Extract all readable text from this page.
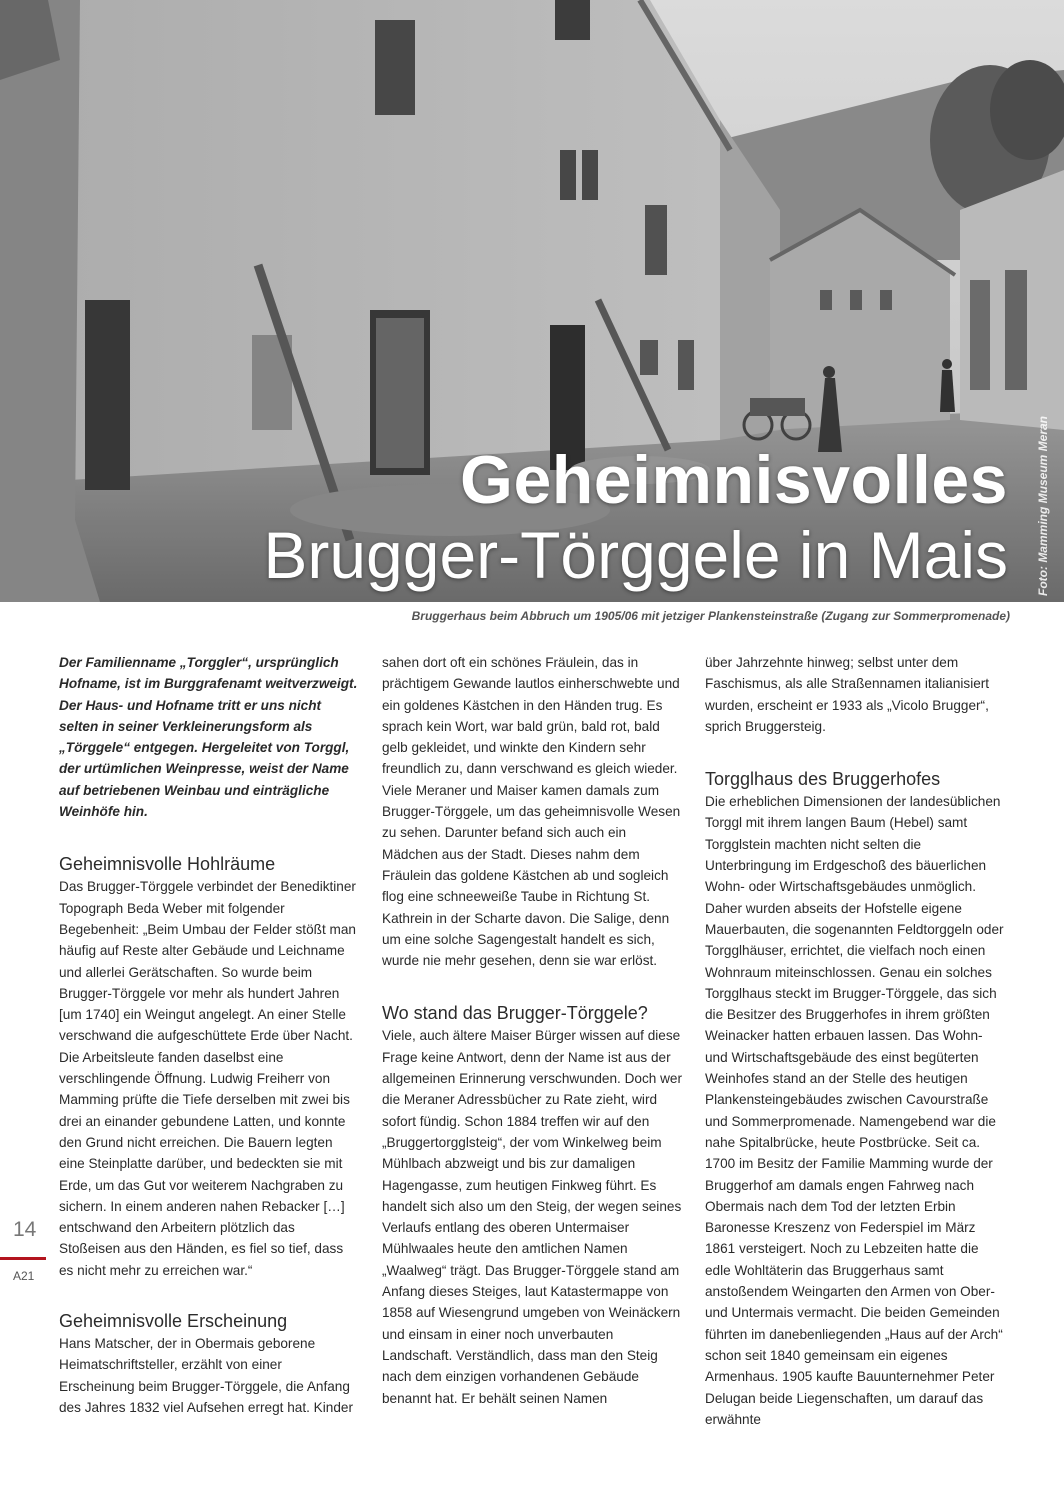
Geheimnisvolles
Brugger-Törggele in Mais Foto: Mamming Museum Meran
Bruggerhaus beim Abbruch um 1905/06 mit jetziger Plankensteinstraße (Zugang zur Sommerpromenade)

Der Familienname „Torggler“, ursprünglich Hofname, ist im Burggrafenamt weitverzweigt. Der Haus- und Hofname tritt er uns nicht selten in seiner Verkleinerungsform als „Törggele“ entgegen. Hergeleitet von Torggl, der urtümlichen Weinpresse, weist der Name auf betriebenen Weinbau und einträgliche Weinhöfe hin.

Geheimnisvolle Hohlräume

Das Brugger-Törggele verbindet der Benediktiner Topograph Beda Weber mit folgender Begebenheit: „Beim Umbau der Felder stößt man häufig auf Reste alter Gebäude und Leichname und allerlei Gerätschaften. So wurde beim Brugger-Törggele vor mehr als hundert Jahren [um 1740] ein Weingut angelegt. An einer Stelle verschwand die aufgeschüttete Erde über Nacht. Die Arbeitsleute fanden daselbst eine verschlingende Öffnung. Ludwig Freiherr von Mamming prüfte die Tiefe derselben mit zwei bis drei an einander gebundene Latten, und konnte den Grund nicht erreichen. Die Bauern legten eine Steinplatte darüber, und bedeckten sie mit Erde, um das Gut vor weiterem Nachgraben zu sichern. In einem anderen nahen Rebacker […] entschwand den Arbeitern plötzlich das Stoßeisen aus den Händen, es fiel so tief, dass es nicht mehr zu erreichen war.“

Geheimnisvolle Erscheinung

Hans Matscher, der in Obermais geborene Heimatschriftsteller, erzählt von einer Erscheinung beim Brugger-Törggele, die Anfang des Jahres 1832 viel Aufsehen erregt hat. Kinder

sahen dort oft ein schönes Fräulein, das in prächtigem Gewande lautlos einherschwebte und ein goldenes Kästchen in den Händen trug. Es sprach kein Wort, war bald grün, bald rot, bald gelb gekleidet, und winkte den Kindern sehr freundlich zu, dann verschwand es gleich wieder. Viele Meraner und Maiser kamen damals zum Brugger-Törggele, um das geheimnisvolle Wesen zu sehen. Darunter befand sich auch ein Mädchen aus der Stadt. Dieses nahm dem Fräulein das goldene Kästchen ab und sogleich flog eine schneeweiße Taube in Richtung St. Kathrein in der Scharte davon. Die Salige, denn um eine solche Sagengestalt handelt es sich, wurde nie mehr gesehen, denn sie war erlöst.

Wo stand das Brugger-Törggele?

Viele, auch ältere Maiser Bürger wissen auf diese Frage keine Antwort, denn der Name ist aus der allgemeinen Erinnerung verschwunden. Doch wer die Meraner Adressbücher zu Rate zieht, wird sofort fündig. Schon 1884 treffen wir auf den „Bruggertorgglsteig“, der vom Winkelweg beim Mühlbach abzweigt und bis zur damaligen Hagengasse, zum heutigen Finkweg führt. Es handelt sich also um den Steig, der wegen seines Verlaufs entlang des oberen Untermaiser Mühlwaales heute den amtlichen Namen „Waalweg“ trägt. Das Brugger-Törggele stand am Anfang dieses Steiges, laut Katastermappe von 1858 auf Wiesengrund umgeben von Weinäckern und einsam in einer noch unverbauten Landschaft. Verständlich, dass man den Steig nach dem einzigen vorhandenen Gebäude benannt hat. Er behält seinen Namen

über Jahrzehnte hinweg; selbst unter dem Faschismus, als alle Straßennamen italianisiert wurden, erscheint er 1933 als „Vicolo Brugger“, sprich Bruggersteig.

Torgglhaus des Bruggerhofes

Die erheblichen Dimensionen der landesüblichen Torggl mit ihrem langen Baum (Hebel) samt Torgglstein machten nicht selten die Unterbringung im Erdgeschoß des bäuerlichen Wohn- oder Wirtschaftsgebäudes unmöglich. Daher wurden abseits der Hofstelle eigene Mauerbauten, die sogenannten Feldtorggeln oder Torgglhäuser, errichtet, die vielfach noch einen Wohnraum miteinschlossen. Genau ein solches Torgglhaus steckt im Brugger-Törggele, das sich die Besitzer des Bruggerhofes in ihrem größten Weinacker hatten erbauen lassen. Das Wohn- und Wirtschaftsgebäude des einst begüterten Weinhofes stand an der Stelle des heutigen Plankensteingebäudes zwischen Cavourstraße und Sommerpromenade. Namengebend war die nahe Spitalbrücke, heute Postbrücke. Seit ca. 1700 im Besitz der Familie Mamming wurde der Bruggerhof am damals engen Fahrweg nach Obermais nach dem Tod der letzten Erbin Baronesse Kreszenz von Federspiel im März 1861 versteigert. Noch zu Lebzeiten hatte die edle Wohltäterin das Bruggerhaus samt anstoßendem Weingarten den Armen von Ober- und Untermais vermacht. Die beiden Gemeinden führten im danebenliegenden „Haus auf der Arch“ schon seit 1840 gemeinsam ein eigenes Armenhaus. 1905 kaufte Bauunternehmer Peter Delugan beide Liegenschaften, um darauf das erwähnte

14
A21
